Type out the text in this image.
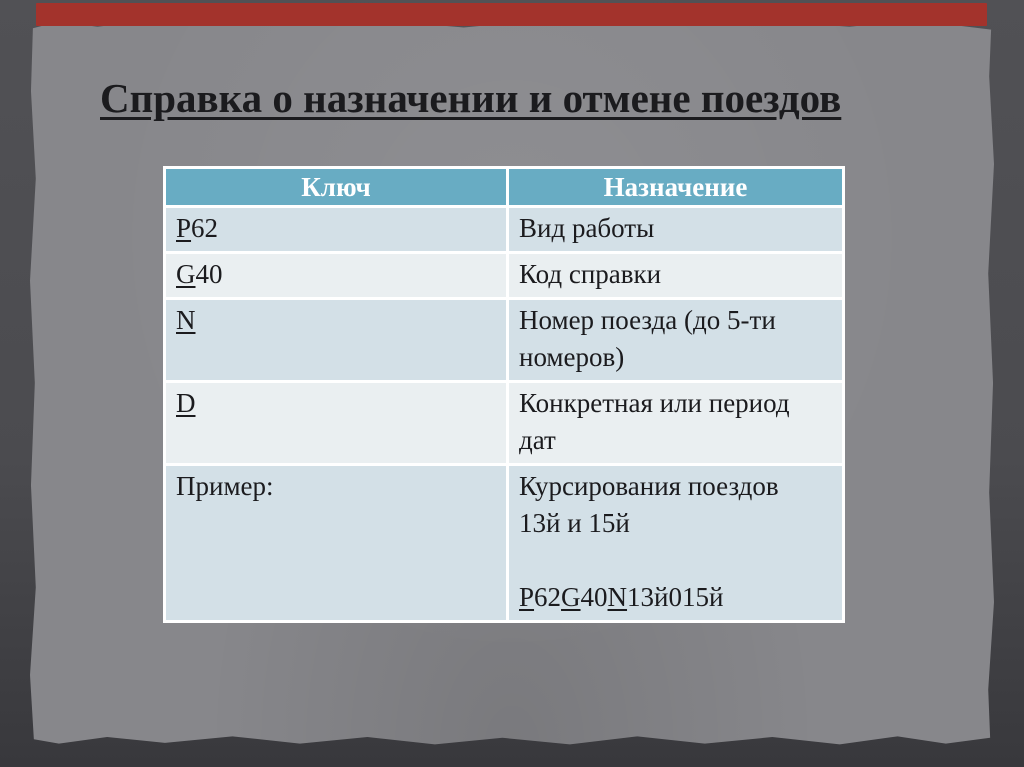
Справка о назначении и отмене поездов
Ключ	Назначение
P62	Вид работы
G40	Код справки
N	Номер поезда (до 5-ти номеров)
D	Конкретная или период дат
Пример:	Курсирования поездов
13й и 15й

P62G40N13й015й
